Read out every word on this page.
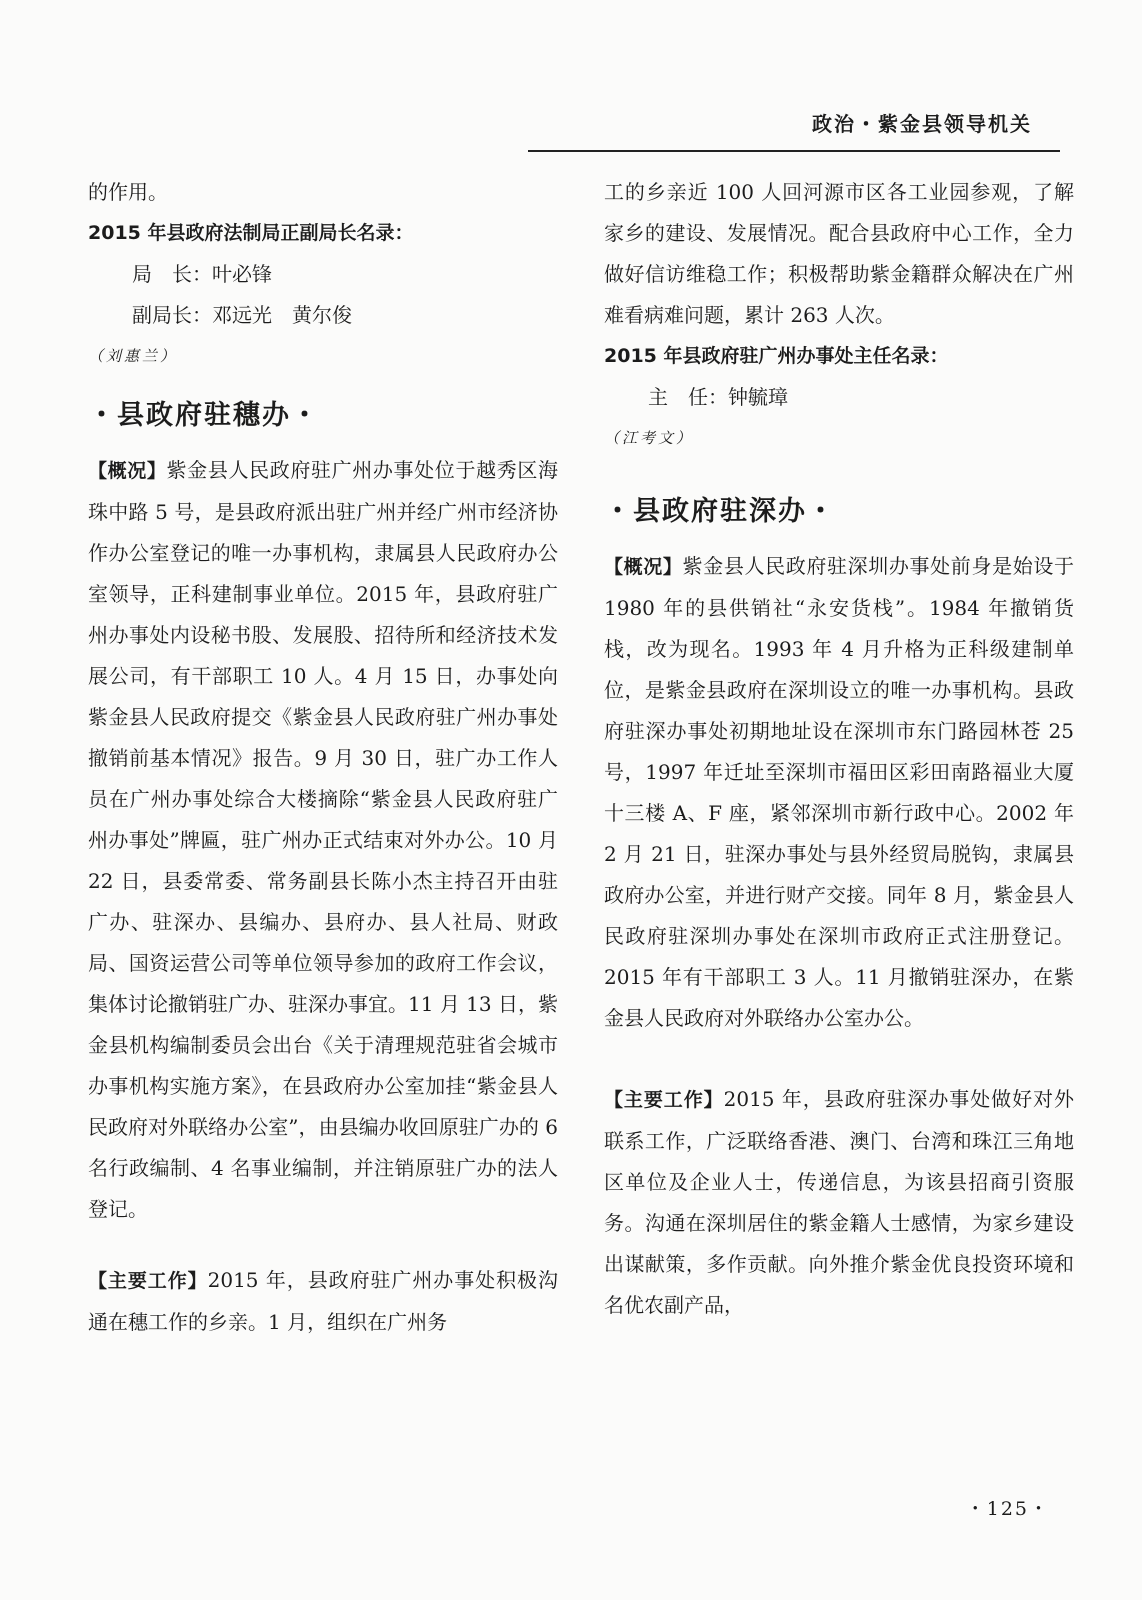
政治・紫金县领导机关

的作用。

2015 年县政府法制局正副局长名录：

局　长：叶必锋

副局长：邓远光　黄尔俊

（刘惠兰）

・县政府驻穗办・

【概况】紫金县人民政府驻广州办事处位于越秀区海珠中路 5 号，是县政府派出驻广州并经广州市经济协作办公室登记的唯一办事机构，隶属县人民政府办公室领导，正科建制事业单位。2015 年，县政府驻广州办事处内设秘书股、发展股、招待所和经济技术发展公司，有干部职工 10 人。4 月 15 日，办事处向紫金县人民政府提交《紫金县人民政府驻广州办事处撤销前基本情况》报告。9 月 30 日，驻广办工作人员在广州办事处综合大楼摘除“紫金县人民政府驻广州办事处”牌匾，驻广州办正式结束对外办公。10 月 22 日，县委常委、常务副县长陈小杰主持召开由驻广办、驻深办、县编办、县府办、县人社局、财政局、国资运营公司等单位领导参加的政府工作会议，集体讨论撤销驻广办、驻深办事宜。11 月 13 日，紫金县机构编制委员会出台《关于清理规范驻省会城市办事机构实施方案》，在县政府办公室加挂“紫金县人民政府对外联络办公室”，由县编办收回原驻广办的 6 名行政编制、4 名事业编制，并注销原驻广办的法人登记。

【主要工作】2015 年，县政府驻广州办事处积极沟通在穗工作的乡亲。1 月，组织在广州务

工的乡亲近 100 人回河源市区各工业园参观，了解家乡的建设、发展情况。配合县政府中心工作，全力做好信访维稳工作；积极帮助紫金籍群众解决在广州难看病难问题，累计 263 人次。

2015 年县政府驻广州办事处主任名录：

主　任：钟毓璋

（江考文）

・县政府驻深办・

【概况】紫金县人民政府驻深圳办事处前身是始设于 1980 年的县供销社“永安货栈”。1984 年撤销货栈，改为现名。1993 年 4 月升格为正科级建制单位，是紫金县政府在深圳设立的唯一办事机构。县政府驻深办事处初期地址设在深圳市东门路园林苍 25 号，1997 年迁址至深圳市福田区彩田南路福业大厦十三楼 A、F 座，紧邻深圳市新行政中心。2002 年 2 月 21 日，驻深办事处与县外经贸局脱钩，隶属县政府办公室，并进行财产交接。同年 8 月，紫金县人民政府驻深圳办事处在深圳市政府正式注册登记。2015 年有干部职工 3 人。11 月撤销驻深办，在紫金县人民政府对外联络办公室办公。

【主要工作】2015 年，县政府驻深办事处做好对外联系工作，广泛联络香港、澳门、台湾和珠江三角地区单位及企业人士，传递信息，为该县招商引资服务。沟通在深圳居住的紫金籍人士感情，为家乡建设出谋献策，多作贡献。向外推介紫金优良投资环境和名优农副产品，

・125・
